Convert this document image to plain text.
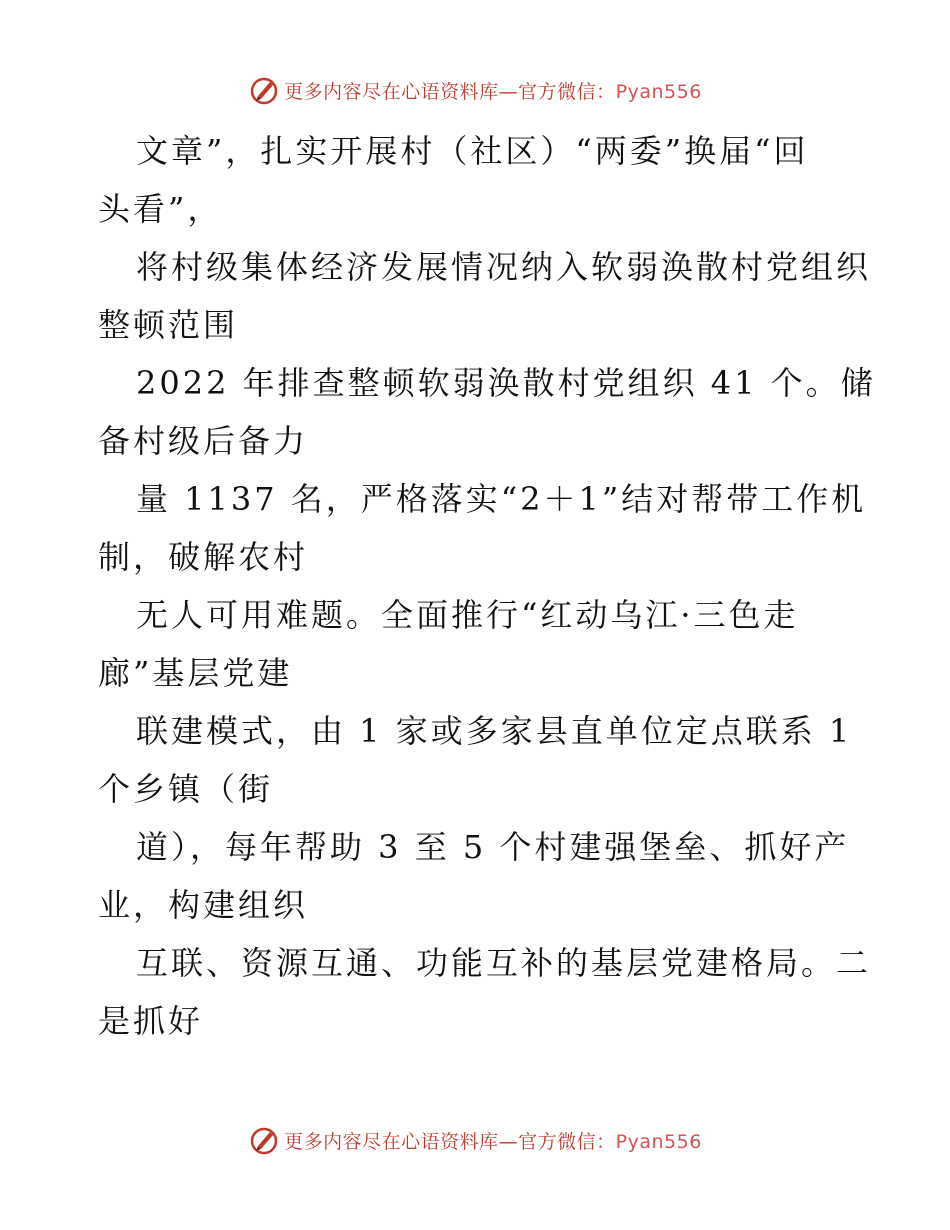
更多内容尽在心语资料库—官方微信：Pyan556

文章”，扎实开展村（社区）“两委”换届“回
头看”，

将村级集体经济发展情况纳入软弱涣散村党组织
整顿范围

2022 年排查整顿软弱涣散村党组织 41 个。储
备村级后备力

量 1137 名，严格落实“2＋1”结对帮带工作机
制，破解农村

无人可用难题。全面推行“红动乌江·三色走
廊”基层党建

联建模式，由 1 家或多家县直单位定点联系 1
个乡镇（街

道），每年帮助 3 至 5 个村建强堡垒、抓好产
业，构建组织

互联、资源互通、功能互补的基层党建格局。二
是抓好

更多内容尽在心语资料库—官方微信：Pyan556
